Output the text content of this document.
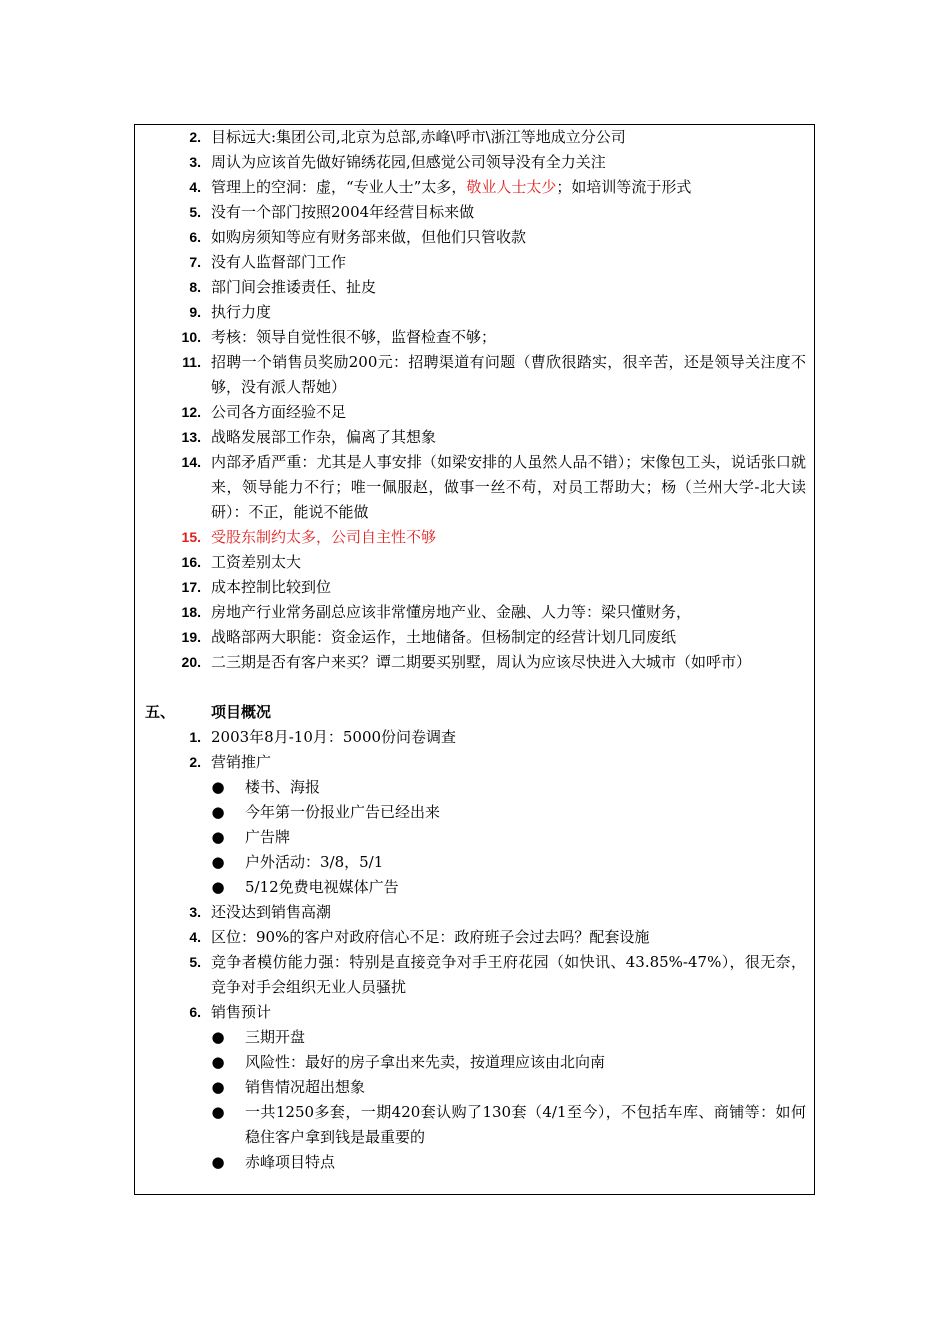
2. 目标远大:集团公司,北京为总部,赤峰\呼市\浙江等地成立分公司
3. 周认为应该首先做好锦绣花园,但感觉公司领导没有全力关注
4. 管理上的空洞：虚，“专业人士”太多，敬业人士太少；如培训等流于形式
5. 没有一个部门按照2004年经营目标来做
6. 如购房须知等应有财务部来做，但他们只管收款
7. 没有人监督部门工作
8. 部门间会推诿责任、扯皮
9. 执行力度
10. 考核：领导自觉性很不够，监督检查不够；
11. 招聘一个销售员奖励200元：招聘渠道有问题（曹欣很踏实，很辛苦，还是领导关注度不够，没有派人帮她）
12. 公司各方面经验不足
13. 战略发展部工作杂，偏离了其想象
14. 内部矛盾严重：尤其是人事安排（如梁安排的人虽然人品不错）；宋像包工头，说话张口就来，领导能力不行；唯一佩服赵，做事一丝不苟，对员工帮助大；杨（兰州大学-北大读研）：不正，能说不能做
15. 受股东制约太多，公司自主性不够
16. 工资差别太大
17. 成本控制比较到位
18. 房地产行业常务副总应该非常懂房地产业、金融、人力等：梁只懂财务，
19. 战略部两大职能：资金运作，土地储备。但杨制定的经营计划几同废纸
20. 二三期是否有客户来买？谭二期要买别墅，周认为应该尽快进入大城市（如呼市）
五、 项目概况
1. 2003年8月-10月：5000份问卷调查
2. 营销推广
● 楼书、海报
● 今年第一份报业广告已经出来
● 广告牌
● 户外活动：3/8，5/1
● 5/12免费电视媒体广告
3. 还没达到销售高潮
4. 区位：90%的客户对政府信心不足：政府班子会过去吗？配套设施
5. 竞争者模仿能力强：特别是直接竞争对手王府花园（如快讯、43.85%-47%），很无奈，竞争对手会组织无业人员骚扰
6. 销售预计
● 三期开盘
● 风险性：最好的房子拿出来先卖，按道理应该由北向南
● 销售情况超出想象
● 一共1250多套，一期420套认购了130套（4/1至今），不包括车库、商铺等：如何稳住客户拿到钱是最重要的
● 赤峰项目特点
